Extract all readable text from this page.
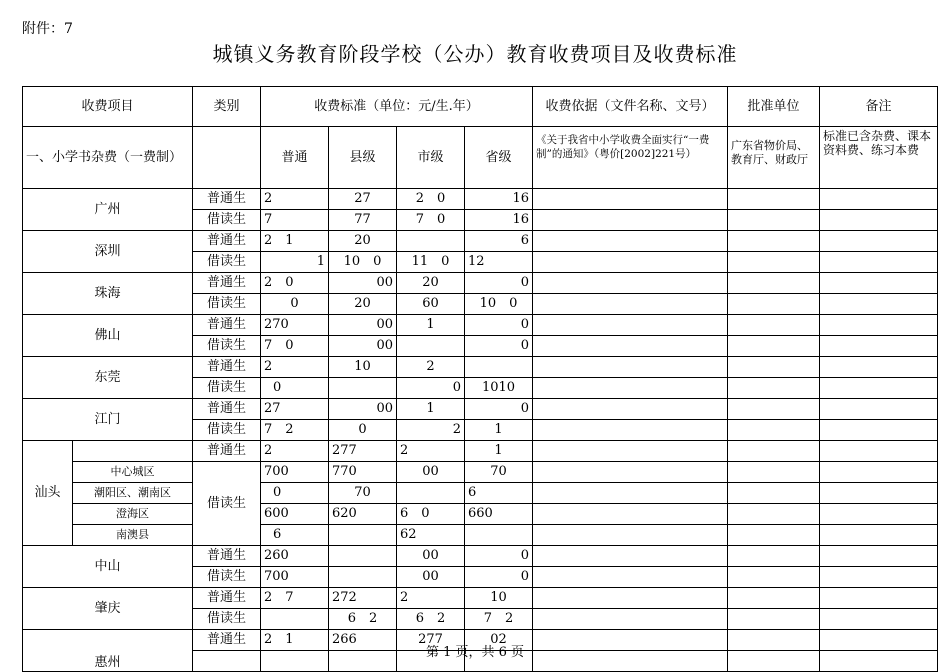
附件：7
城镇义务教育阶段学校（公办）教育收费项目及收费标准
收费项目		类别	收费标准（单位：元/生.年）				收费依据（文件名称、文号）	批准单位	备注
一、小学书杂费（一费制）			普通	县级	市级	省级	《关于我省中小学收费全面实行“一费制”的通知》（粤价[2002]221号）	广东省物价局、教育厅、财政厅	标准已含杂费、课本资料费、练习本费
广州		普通生	2	27	2　0	16			
		借读生	7	77	7　0	16			
深圳		普通生	2　1	20		6			
		借读生	1	10　0	11　0	12			
珠海		普通生	2　0	00	20	0			
		借读生	0	20	60	10　0			
佛山		普通生	270	00	1	0			
		借读生	7　0	00		0			
东莞		普通生	2	10	2				
		借读生	0		0	1010			
江门		普通生	27	00	1	0			
		借读生	7　2	0	2	1			
汕头		普通生	2	277	2	1			
	中心城区	借读生	700	770	00	70			
	潮阳区、潮南区		0	70		6			
	澄海区		600	620	6　0	660			
	南澳县		6		62				
中山		普通生	260		00	0			
		借读生	700		00	0			
肇庆		普通生	2　7	272	2	10			
		借读生		6　2	6　2	7　2			
惠州		普通生	2　1	266	277	02			

第 1 页，共 6 页
